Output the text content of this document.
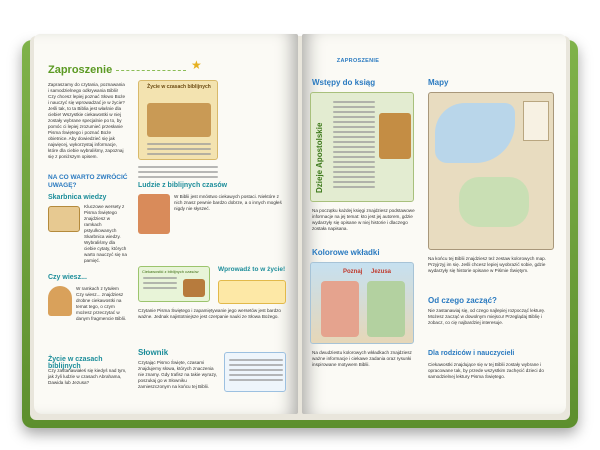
Zaproszenie	★
Zapraszamy do czytania, poznawania i samodzielnego odkrywania Biblii! Czy chcesz lepiej poznać Słowo Boże i nauczyć się wprowadzać je w życie? Jeśli tak, to ta Biblia jest właśnie dla ciebie! Wszystkie ciekawostki w niej zostały wybrane specjalnie po to, by pomóc ci lepiej zrozumieć przesłanie Pisma Świętego i poznać Boże obietnice. Aby dowiedzieć się jak najwięcej, wykorzystaj informacje, które dla ciebie wybraliśmy, zapoznaj się z poniższym opisem.
NA CO WARTO ZWRÓCIĆ UWAGĘ?
Skarbnica wiedzy
Kluczowe wersety z Pisma Świętego znajdziesz w ramkach pstyulkowanych Skarbnica wiedzy. Wybraliśmy dla ciebie cytaty, których warto nauczyć się na pamięć.
Czy wiesz...
W ramkach z tytułem Czy wiesz... znajdziesz drobne ciekawostki na temat tego, o czym możesz przeczytać w danym fragmencie Biblii.
Życie w czasach biblijnych
Czy zastanawiałeś się kiedyś nad tym, jak żyli ludzie w czasach Abrahama, Dawida lub Jezusa?
Życie w czasach biblijnych
Ludzie z biblijnych czasów
W Biblii jest mnóstwo ciekawych postaci. Niektóre z nich znasz pewnie bardzo dobrze, a o innych mogłeś nigdy nie słyszeć.
Ciekawostki z biblijnych czasów	Wprowadź to w życie!
Czytanie Pisma Świętego i zapamiętywanie jego wersetów jest bardzo ważne. Jednak najistotniejsze jest czerpanie nauki ze Słowa Bożego.
Słownik
Czytając Pismo Święte, czasami znajdujemy słowa, których znaczenia nie znamy. Gdy trafisz na takie wyrazy, poszukaj go w Słowniku zamieszczonym na końcu tej Biblii.
ZAPROSZENIE
Wstępy do ksiąg
Dzieje Apostolskie
Na początku każdej księgi znajdziesz podstawowe informacje na jej temat: kto jest jej autorem, gdzie wydarzyły się opisane w niej historie i dlaczego została napisana.
Kolorowe wkładki
Poznaj Jezusa
Na dwudziestu kolorowych wkładkach znajdziesz ważne informacje i ciekawe zadania oraz rysunki inspirowane motywem Biblii.
Mapy
Na końcu tej Biblii znajdziesz też zestaw kolorowych map. Przyjrzyj im się. Jeśli chcesz lepiej wyobrazić sobie, gdzie wydarzyły się historie opisane w Piśmie Świętym.
Od czego zacząć?
Nie zastanawiaj się, od czego najlepiej rozpocząć lekturę. Możesz zacząć w dowolnym miejscu! Przeglądaj Biblię i zobacz, co cię najbardziej interesuje.
Dla rodziców i nauczycieli
Ciekawostki znajdujące się w tej Biblii zostały wybrane i opracowane tak, by przede wszystkim zachęcić dzieci do samodzielnej lektury Pisma Świętego.
